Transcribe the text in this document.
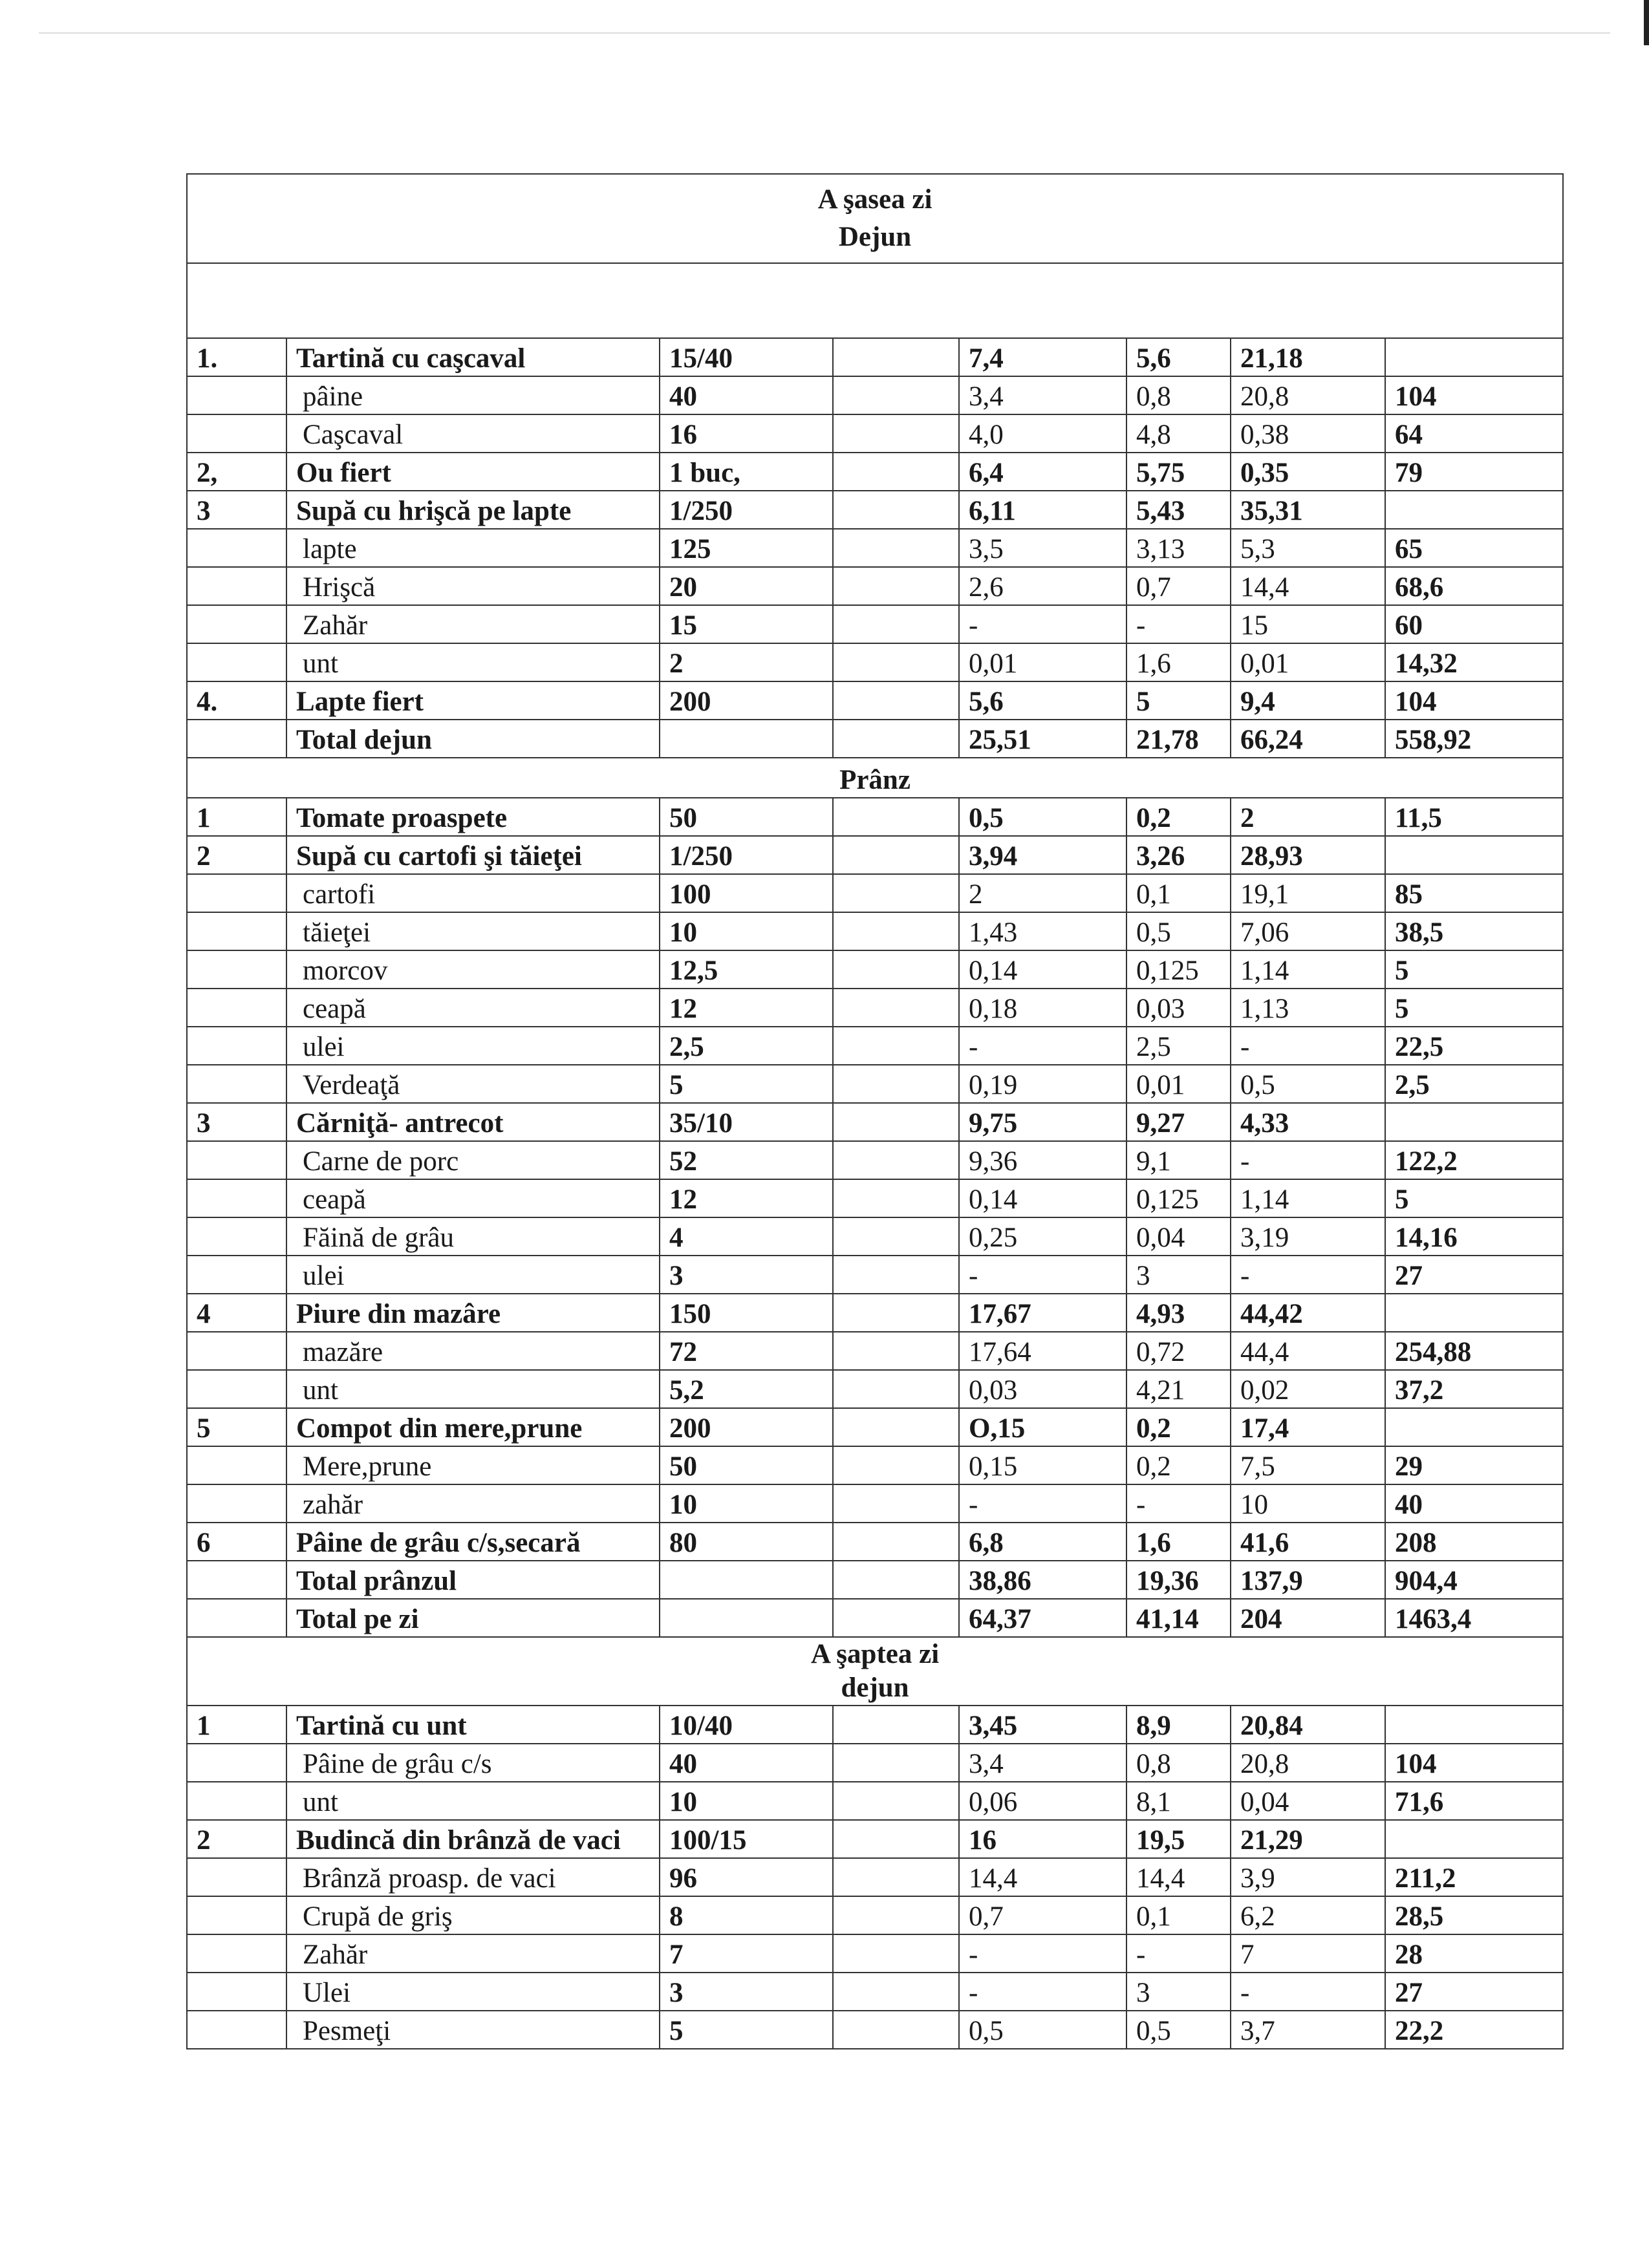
A şasea zi
Dejun							

1.	Tartină cu caşcaval	15/40		7,4	5,6	21,18	
	pâine	40		3,4	0,8	20,8	104
	Caşcaval	16		4,0	4,8	0,38	64
2,	Ou fiert	1 buc,		6,4	5,75	0,35	79
3	Supă cu hrişcă pe lapte	1/250		6,11	5,43	35,31	
	lapte	125		3,5	3,13	5,3	65
	Hrişcă	20		2,6	0,7	14,4	68,6
	Zahăr	15		-	-	15	60
	unt	2		0,01	1,6	0,01	14,32
4.	Lapte fiert	200		5,6	5	9,4	104
	Total dejun			25,51	21,78	66,24	558,92

Prânz							

1	Tomate proaspete	50		0,5	0,2	2	11,5
2	Supă cu cartofi şi tăieţei	1/250		3,94	3,26	28,93	
	cartofi	100		2	0,1	19,1	85
	tăieţei	10		1,43	0,5	7,06	38,5
	morcov	12,5		0,14	0,125	1,14	5
	ceapă	12		0,18	0,03	1,13	5
	ulei	2,5		-	2,5	-	22,5
	Verdeaţă	5		0,19	0,01	0,5	2,5
3	Cărniţă- antrecot	35/10		9,75	9,27	4,33	
	Carne de porc	52		9,36	9,1	-	122,2
	ceapă	12		0,14	0,125	1,14	5
	Făină de grâu	4		0,25	0,04	3,19	14,16
	ulei	3		-	3	-	27
4	Piure din mazâre	150		17,67	4,93	44,42	
	mazăre	72		17,64	0,72	44,4	254,88
	unt	5,2		0,03	4,21	0,02	37,2
5	Compot din mere,prune	200		O,15	0,2	17,4	
	Mere,prune	50		0,15	0,2	7,5	29
	zahăr	10		-	-	10	40
6	Pâine de grâu c/s,secară	80		6,8	1,6	41,6	208
	Total prânzul			38,86	19,36	137,9	904,4
	Total pe zi			64,37	41,14	204	1463,4

A şaptea zi
dejun							

1	Tartină cu unt	10/40		3,45	8,9	20,84	
	Pâine de grâu c/s	40		3,4	0,8	20,8	104
	unt	10		0,06	8,1	0,04	71,6
2	Budincă din brânză de vaci	100/15		16	19,5	21,29	
	Brânză proasp. de vaci	96		14,4	14,4	3,9	211,2
	Crupă de griş	8		0,7	0,1	6,2	28,5
	Zahăr	7		-	-	7	28
	Ulei	3		-	3	-	27
	Pesmeţi	5		0,5	0,5	3,7	22,2
